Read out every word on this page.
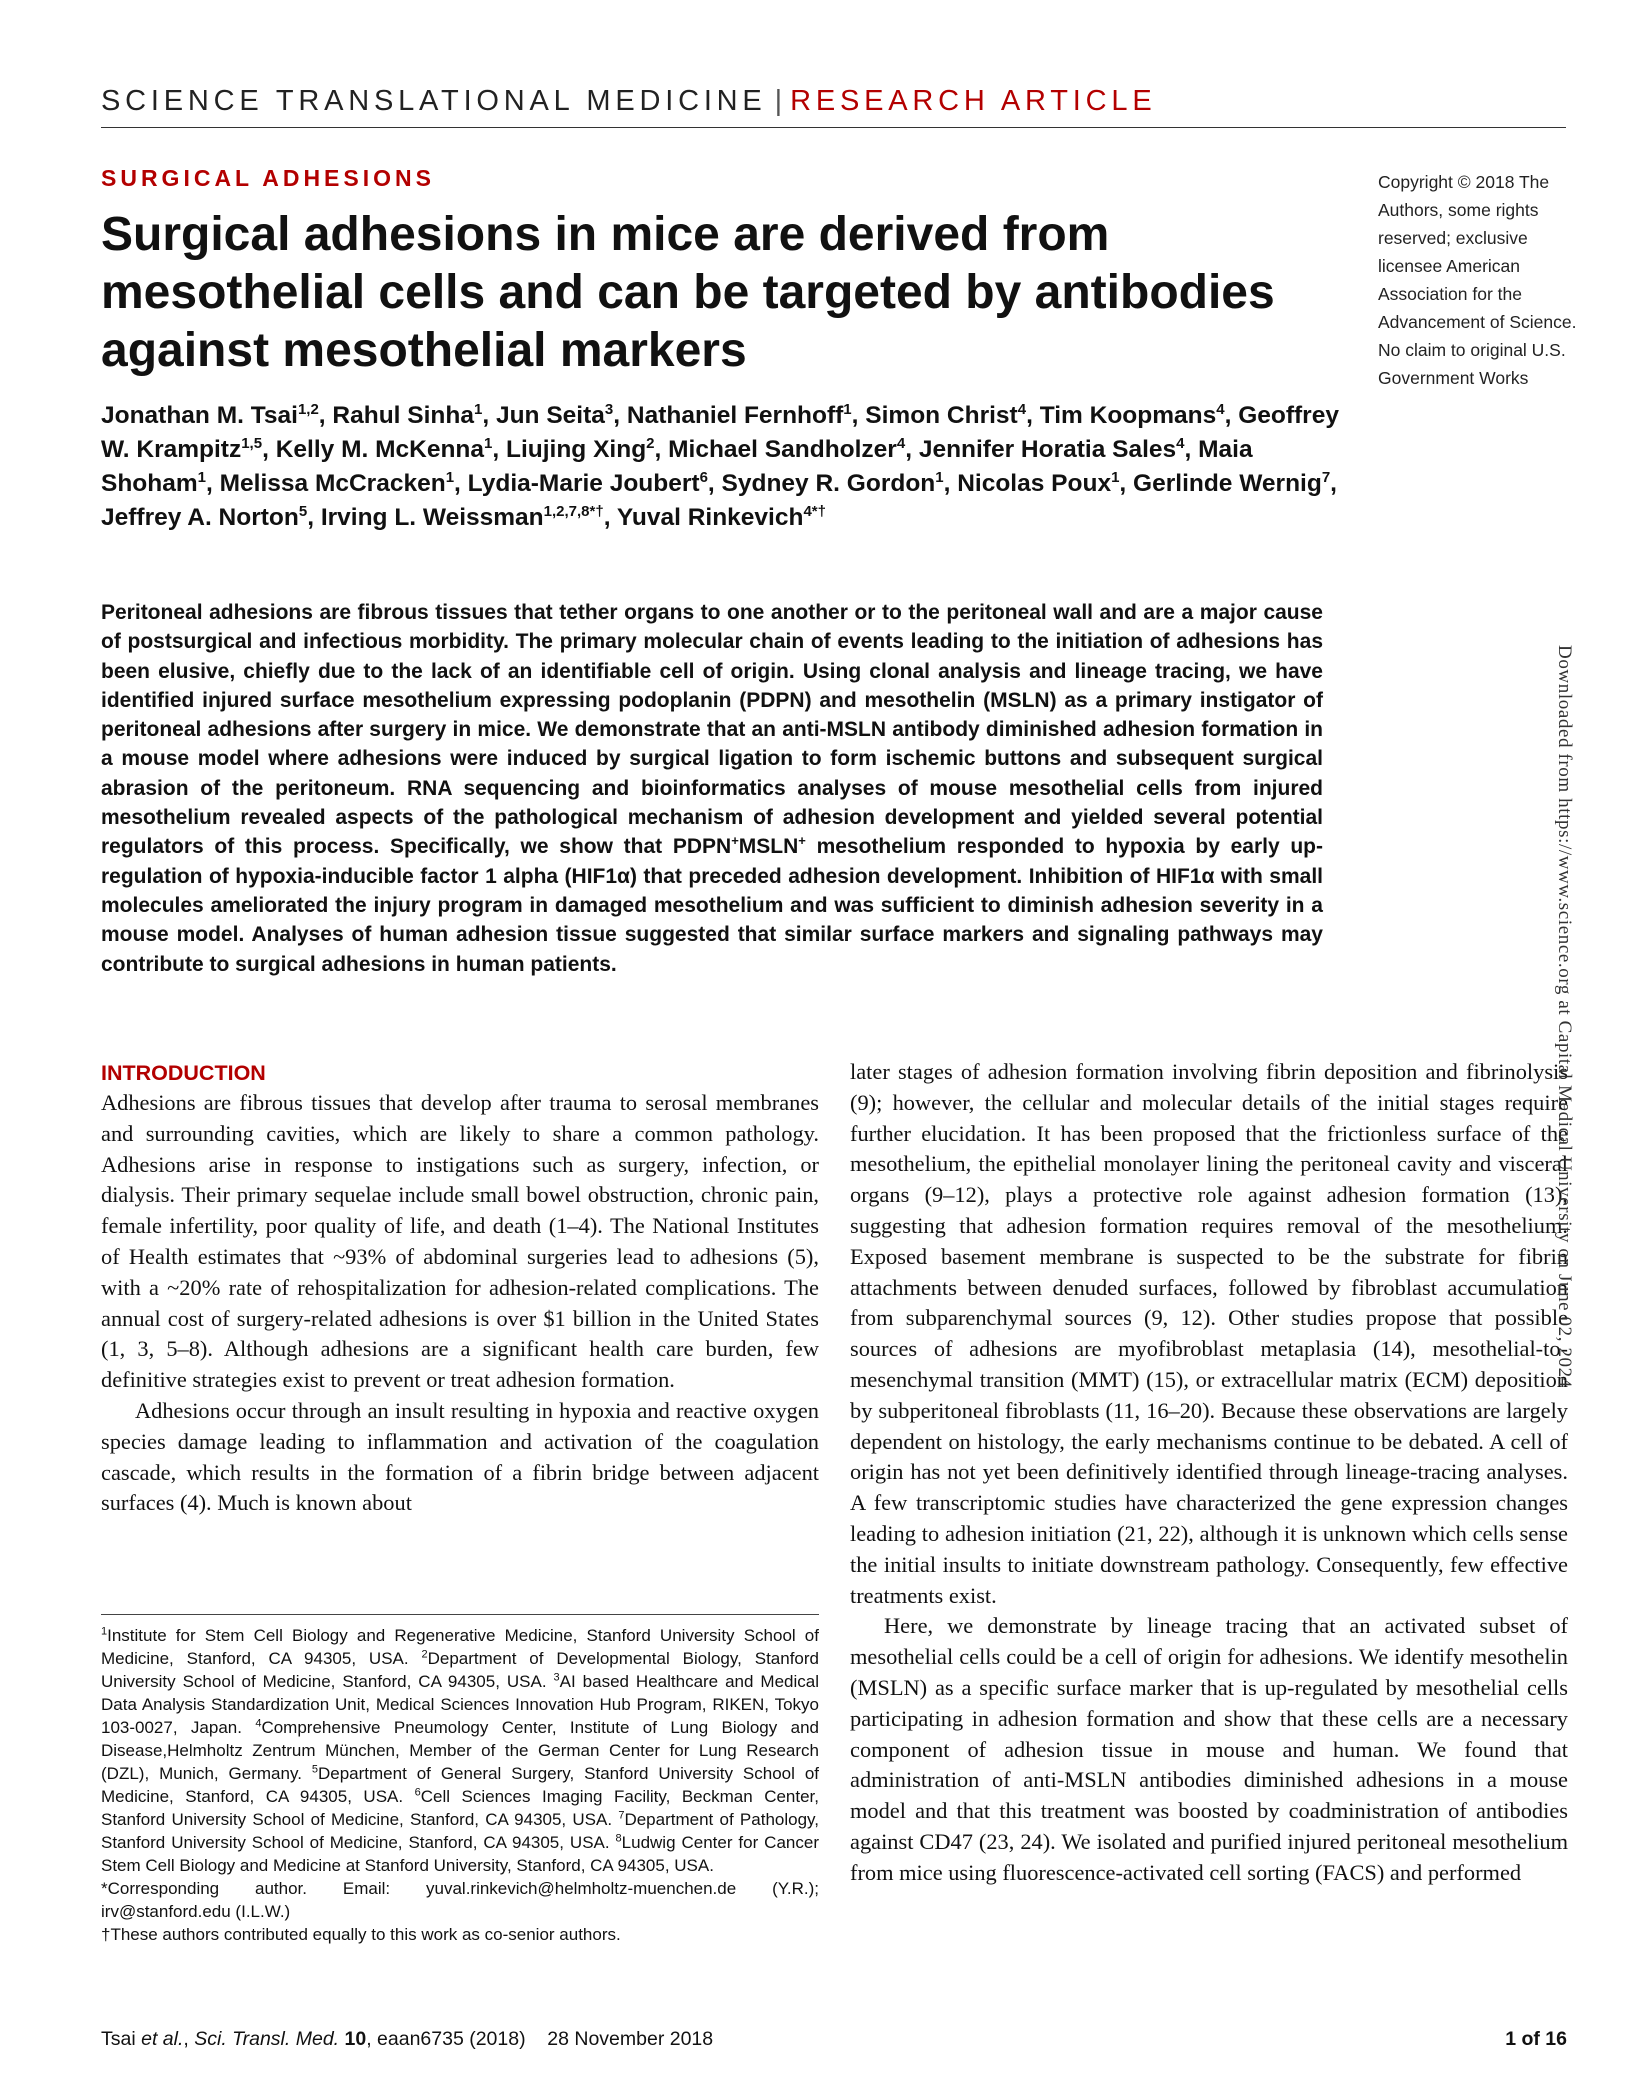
SCIENCE TRANSLATIONAL MEDICINE | RESEARCH ARTICLE
SURGICAL ADHESIONS
Surgical adhesions in mice are derived from mesothelial cells and can be targeted by antibodies against mesothelial markers
Copyright © 2018 The Authors, some rights reserved; exclusive licensee American Association for the Advancement of Science. No claim to original U.S. Government Works
Jonathan M. Tsai$^{1,2}$, Rahul Sinha$^1$, Jun Seita$^3$, Nathaniel Fernhoff$^1$, Simon Christ$^4$, Tim Koopmans$^4$, Geoffrey W. Krampitz$^{1,5}$, Kelly M. McKenna$^1$, Liujing Xing$^2$, Michael Sandholzer$^4$, Jennifer Horatia Sales$^4$, Maia Shoham$^1$, Melissa McCracken$^1$, Lydia-Marie Joubert$^6$, Sydney R. Gordon$^1$, Nicolas Poux$^1$, Gerlinde Wernig$^7$, Jeffrey A. Norton$^5$, Irving L. Weissman$^{1,2,7,8*\dagger}$, Yuval Rinkevich$^{4*\dagger}$
Peritoneal adhesions are fibrous tissues that tether organs to one another or to the peritoneal wall and are a major cause of postsurgical and infectious morbidity. The primary molecular chain of events leading to the initiation of adhesions has been elusive, chiefly due to the lack of an identifiable cell of origin. Using clonal analysis and lineage tracing, we have identified injured surface mesothelium expressing podoplanin (PDPN) and mesothelin (MSLN) as a primary instigator of peritoneal adhesions after surgery in mice. We demonstrate that an anti-MSLN antibody diminished adhesion formation in a mouse model where adhesions were induced by surgical ligation to form ischemic buttons and subsequent surgical abrasion of the peritoneum. RNA sequencing and bioinformatics analyses of mouse mesothelial cells from injured mesothelium revealed aspects of the pathological mechanism of adhesion development and yielded several potential regulators of this process. Specifically, we show that PDPN+MSLN+ mesothelium responded to hypoxia by early up-regulation of hypoxia-inducible factor 1 alpha (HIF1α) that preceded adhesion development. Inhibition of HIF1α with small molecules ameliorated the injury program in damaged mesothelium and was sufficient to diminish adhesion severity in a mouse model. Analyses of human adhesion tissue suggested that similar surface markers and signaling pathways may contribute to surgical adhesions in human patients.
INTRODUCTION

Adhesions are fibrous tissues that develop after trauma to serosal membranes and surrounding cavities, which are likely to share a common pathology. Adhesions arise in response to instigations such as surgery, infection, or dialysis. Their primary sequelae include small bowel obstruction, chronic pain, female infertility, poor quality of life, and death (1–4). The National Institutes of Health estimates that ~93% of abdominal surgeries lead to adhesions (5), with a ~20% rate of rehospitalization for adhesion-related complications. The annual cost of surgery-related adhesions is over $1 billion in the United States (1, 3, 5–8). Although adhesions are a significant health care burden, few definitive strategies exist to prevent or treat adhesion formation.

Adhesions occur through an insult resulting in hypoxia and reactive oxygen species damage leading to inflammation and activation of the coagulation cascade, which results in the formation of a fibrin bridge between adjacent surfaces (4). Much is known about

$^1$Institute for Stem Cell Biology and Regenerative Medicine, Stanford University School of Medicine, Stanford, CA 94305, USA. $^2$Department of Developmental Biology, Stanford University School of Medicine, Stanford, CA 94305, USA. $^3$AI based Healthcare and Medical Data Analysis Standardization Unit, Medical Sciences Innovation Hub Program, RIKEN, Tokyo 103-0027, Japan. $^4$Comprehensive Pneumology Center, Institute of Lung Biology and Disease,Helmholtz Zentrum München, Member of the German Center for Lung Research (DZL), Munich, Germany. $^5$Department of General Surgery, Stanford University School of Medicine, Stanford, CA 94305, USA. $^6$Cell Sciences Imaging Facility, Beckman Center, Stanford University School of Medicine, Stanford, CA 94305, USA. $^7$Department of Pathology, Stanford University School of Medicine, Stanford, CA 94305, USA. $^8$Ludwig Center for Cancer Stem Cell Biology and Medicine at Stanford University, Stanford, CA 94305, USA.

*Corresponding author. Email: yuval.rinkevich@helmholtz-muenchen.de (Y.R.); irv@stanford.edu (I.L.W.)

†These authors contributed equally to this work as co-senior authors.

later stages of adhesion formation involving fibrin deposition and fibrinolysis (9); however, the cellular and molecular details of the initial stages require further elucidation. It has been proposed that the frictionless surface of the mesothelium, the epithelial monolayer lining the peritoneal cavity and visceral organs (9–12), plays a protective role against adhesion formation (13), suggesting that adhesion formation requires removal of the mesothelium. Exposed basement membrane is suspected to be the substrate for fibrin attachments between denuded surfaces, followed by fibroblast accumulation from subparenchymal sources (9, 12). Other studies propose that possible sources of adhesions are myofibroblast metaplasia (14), mesothelial-to-mesenchymal transition (MMT) (15), or extracellular matrix (ECM) deposition by subperitoneal fibroblasts (11, 16–20). Because these observations are largely dependent on histology, the early mechanisms continue to be debated. A cell of origin has not yet been definitively identified through lineage-tracing analyses. A few transcriptomic studies have characterized the gene expression changes leading to adhesion initiation (21, 22), although it is unknown which cells sense the initial insults to initiate downstream pathology. Consequently, few effective treatments exist.

Here, we demonstrate by lineage tracing that an activated subset of mesothelial cells could be a cell of origin for adhesions. We identify mesothelin (MSLN) as a specific surface marker that is up-regulated by mesothelial cells participating in adhesion formation and show that these cells are a necessary component of adhesion tissue in mouse and human. We found that administration of anti-MSLN antibodies diminished adhesions in a mouse model and that this treatment was boosted by coadministration of antibodies against CD47 (23, 24). We isolated and purified injured peritoneal mesothelium from mice using fluorescence-activated cell sorting (FACS) and performed

Tsai et al., Sci. Transl. Med. 10, eaan6735 (2018) 28 November 2018	1 of 16
Downloaded from https://www.science.org at Capital Medical University on June 02, 2024
